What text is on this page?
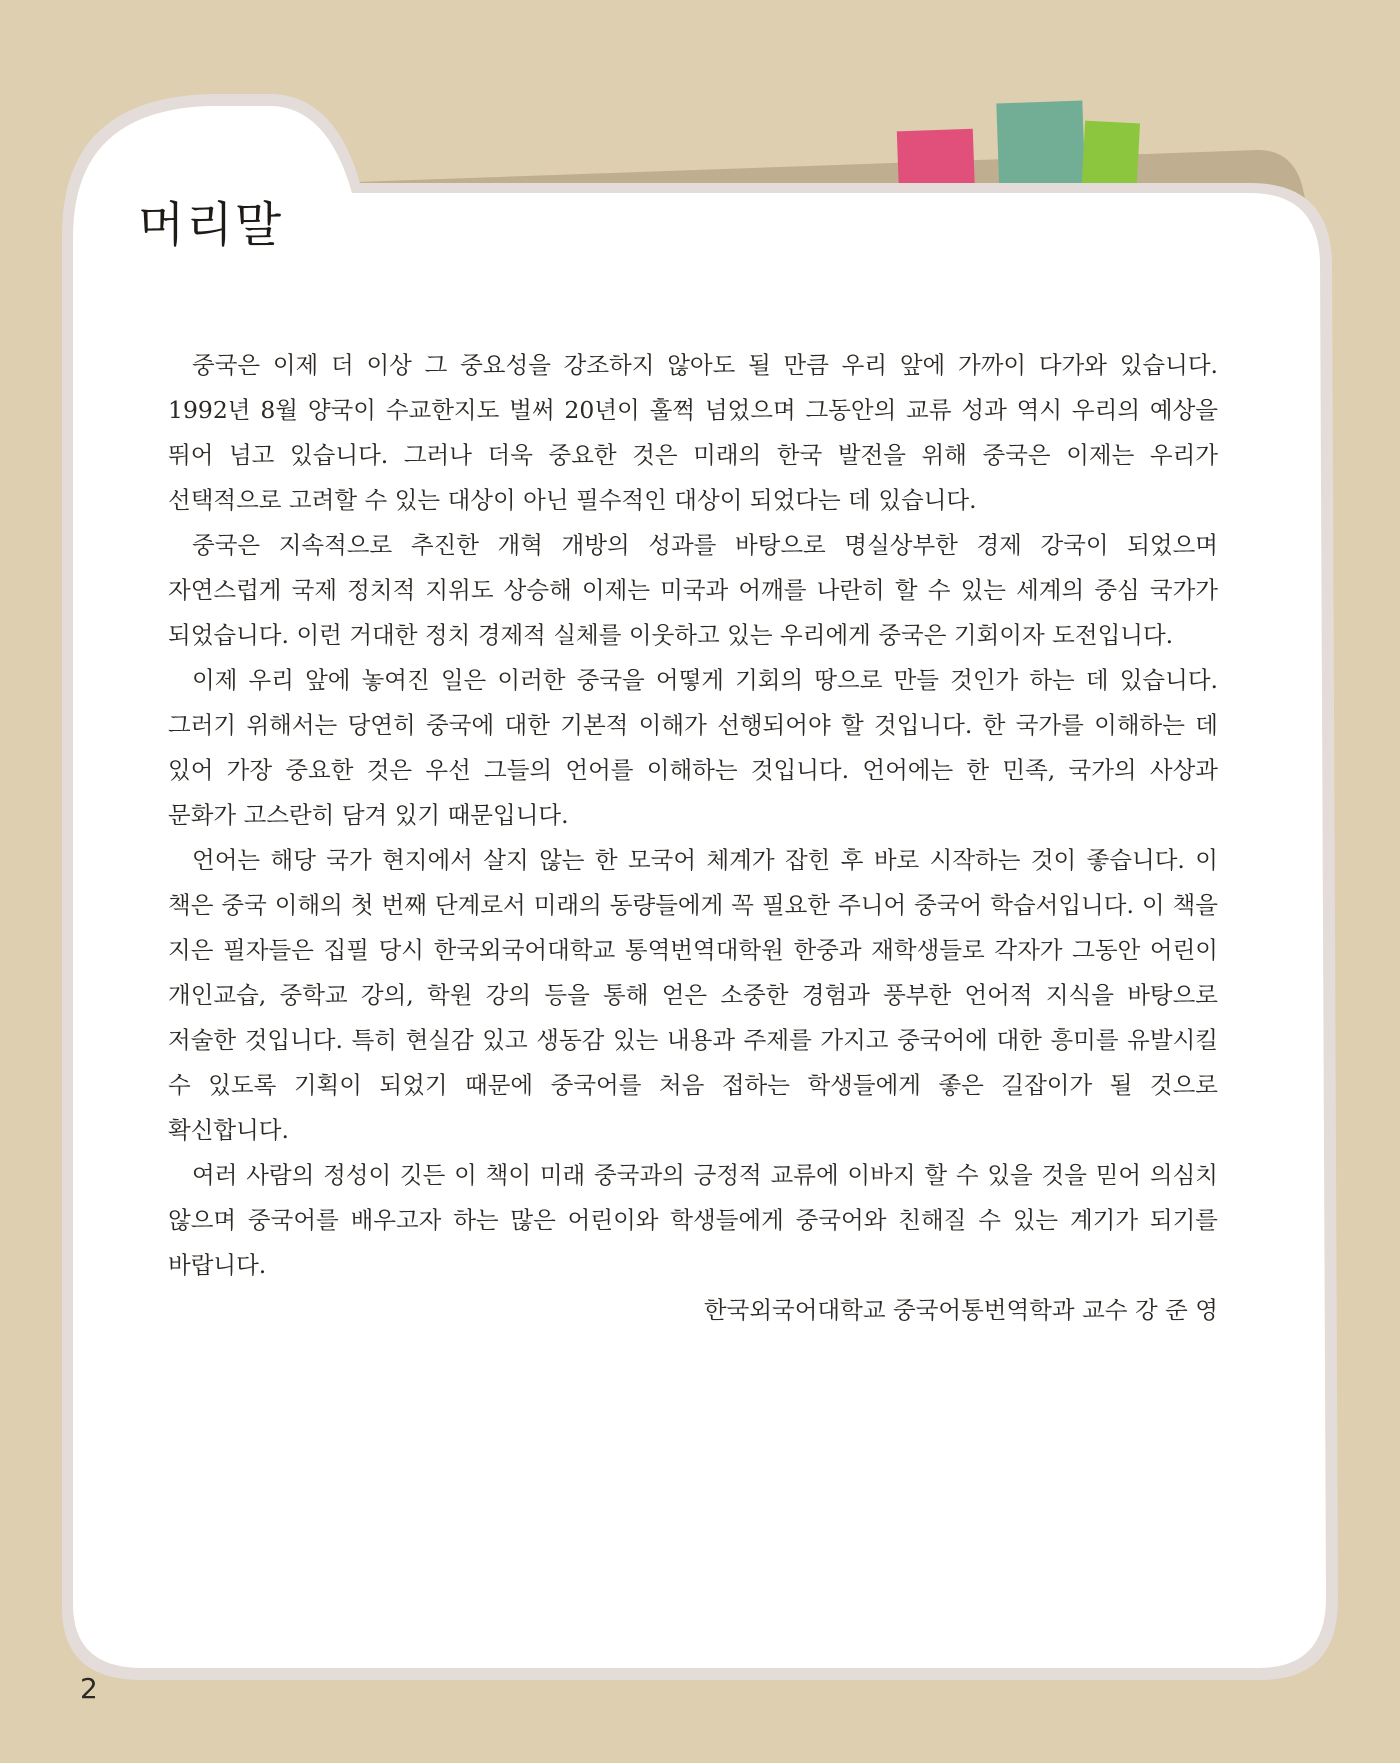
머리말

중국은 이제 더 이상 그 중요성을 강조하지 않아도 될 만큼 우리 앞에 가까이 다가와 있습니다. 1992년 8월 양국이 수교한지도 벌써 20년이 훌쩍 넘었으며 그동안의 교류 성과 역시 우리의 예상을 뛰어 넘고 있습니다. 그러나 더욱 중요한 것은 미래의 한국 발전을 위해 중국은 이제는 우리가 선택적으로 고려할 수 있는 대상이 아닌 필수적인 대상이 되었다는 데 있습니다.

중국은 지속적으로 추진한 개혁 개방의 성과를 바탕으로 명실상부한 경제 강국이 되었으며 자연스럽게 국제 정치적 지위도 상승해 이제는 미국과 어깨를 나란히 할 수 있는 세계의 중심 국가가 되었습니다. 이런 거대한 정치 경제적 실체를 이웃하고 있는 우리에게 중국은 기회이자 도전입니다.

이제 우리 앞에 놓여진 일은 이러한 중국을 어떻게 기회의 땅으로 만들 것인가 하는 데 있습니다. 그러기 위해서는 당연히 중국에 대한 기본적 이해가 선행되어야 할 것입니다. 한 국가를 이해하는 데 있어 가장 중요한 것은 우선 그들의 언어를 이해하는 것입니다. 언어에는 한 민족, 국가의 사상과 문화가 고스란히 담겨 있기 때문입니다.

언어는 해당 국가 현지에서 살지 않는 한 모국어 체계가 잡힌 후 바로 시작하는 것이 좋습니다. 이 책은 중국 이해의 첫 번째 단계로서 미래의 동량들에게 꼭 필요한 주니어 중국어 학습서입니다. 이 책을 지은 필자들은 집필 당시 한국외국어대학교 통역번역대학원 한중과 재학생들로 각자가 그동안 어린이 개인교습, 중학교 강의, 학원 강의 등을 통해 얻은 소중한 경험과 풍부한 언어적 지식을 바탕으로 저술한 것입니다. 특히 현실감 있고 생동감 있는 내용과 주제를 가지고 중국어에 대한 흥미를 유발시킬 수 있도록 기획이 되었기 때문에 중국어를 처음 접하는 학생들에게 좋은 길잡이가 될 것으로 확신합니다.

여러 사람의 정성이 깃든 이 책이 미래 중국과의 긍정적 교류에 이바지 할 수 있을 것을 믿어 의심치 않으며 중국어를 배우고자 하는 많은 어린이와 학생들에게 중국어와 친해질 수 있는 계기가 되기를 바랍니다.

한국외국어대학교 중국어통번역학과 교수 강 준 영

2
